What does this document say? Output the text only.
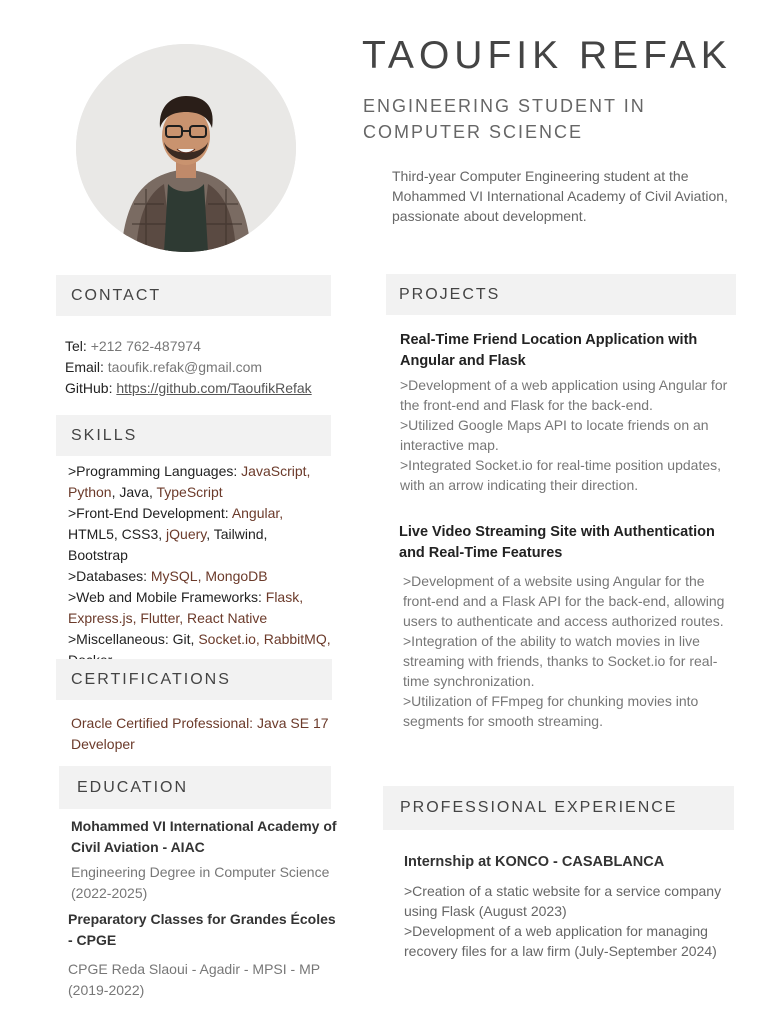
TAOUFIK REFAK
ENGINEERING STUDENT IN COMPUTER SCIENCE

Third-year Computer Engineering student at the Mohammed VI International Academy of Civil Aviation, passionate about development.

CONTACT
Tel: +212 762-487974
Email: taoufik.refak@gmail.com
GitHub: https://github.com/TaoufikRefak
SKILLS
>Programming Languages: JavaScript,
Python, Java, TypeScript
>Front-End Development: Angular,
HTML5, CSS3, jQuery, Tailwind,
Bootstrap
>Databases: MySQL, MongoDB
>Web and Mobile Frameworks: Flask,
Express.js, Flutter, React Native
>Miscellaneous: Git, Socket.io, RabbitMQ,
CERTIFICATIONS
Oracle Certified Professional: Java SE 17 Developer
EDUCATION
Mohammed VI International Academy of Civil Aviation - AIAC
Engineering Degree in Computer Science (2022-2025)
Preparatory Classes for Grandes Écoles - CPGE
CPGE Reda Slaoui - Agadir - MPSI - MP (2019-2022)
PROJECTS
Real-Time Friend Location Application with Angular and Flask
>Development of a web application using Angular for the front-end and Flask for the back-end.
>Utilized Google Maps API to locate friends on an interactive map.
>Integrated Socket.io for real-time position updates, with an arrow indicating their direction.
Live Video Streaming Site with Authentication and Real-Time Features
>Development of a website using Angular for the front-end and a Flask API for the back-end, allowing users to authenticate and access authorized routes.
>Integration of the ability to watch movies in live streaming with friends, thanks to Socket.io for real-time synchronization.
>Utilization of FFmpeg for chunking movies into segments for smooth streaming.
PROFESSIONAL EXPERIENCE
Internship at KONCO - CASABLANCA
>Creation of a static website for a service company using Flask (August 2023)
>Development of a web application for managing recovery files for a law firm (July-September 2024)
